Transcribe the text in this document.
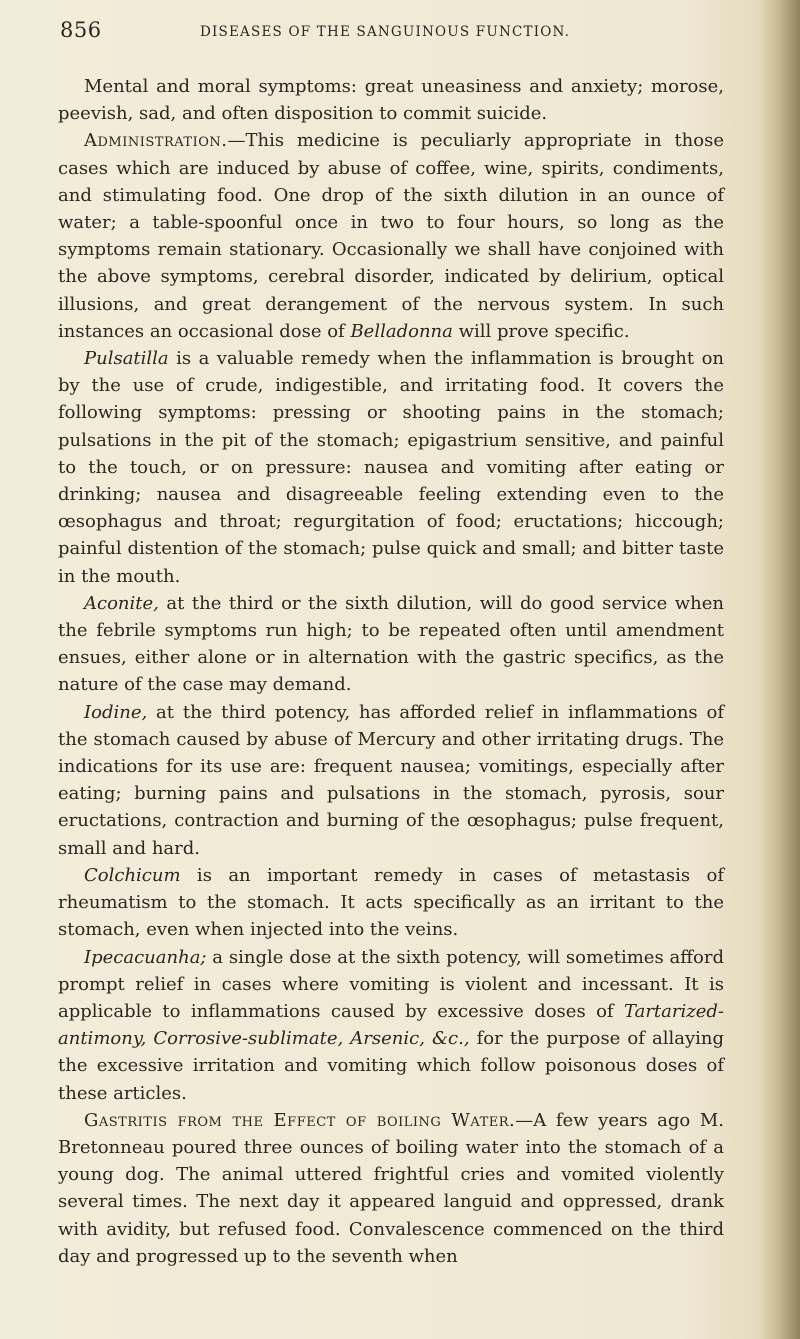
856	DISEASES OF THE SANGUINOUS FUNCTION.

Mental and moral symptoms: great uneasiness and anxiety; morose, peevish, sad, and often disposition to commit suicide.

Administration.—This medicine is peculiarly appropriate in those cases which are induced by abuse of coffee, wine, spirits, condiments, and stimulating food. One drop of the sixth dilution in an ounce of water; a table-spoonful once in two to four hours, so long as the symptoms remain stationary. Occasionally we shall have conjoined with the above symptoms, cerebral disorder, indicated by delirium, optical illusions, and great derangement of the nervous system. In such instances an occasional dose of Belladonna will prove specific.

Pulsatilla is a valuable remedy when the inflammation is brought on by the use of crude, indigestible, and irritating food. It covers the following symptoms: pressing or shooting pains in the stomach; pulsations in the pit of the stomach; epigastrium sensitive, and painful to the touch, or on pressure: nausea and vomiting after eating or drinking; nausea and disagreeable feeling extending even to the œsophagus and throat; regurgitation of food; eructations; hiccough; painful distention of the stomach; pulse quick and small; and bitter taste in the mouth.

Aconite, at the third or the sixth dilution, will do good service when the febrile symptoms run high; to be repeated often until amendment ensues, either alone or in alternation with the gastric specifics, as the nature of the case may demand.

Iodine, at the third potency, has afforded relief in inflammations of the stomach caused by abuse of Mercury and other irritating drugs. The indications for its use are: frequent nausea; vomitings, especially after eating; burning pains and pulsations in the stomach, pyrosis, sour eructations, contraction and burning of the œsophagus; pulse frequent, small and hard.

Colchicum is an important remedy in cases of metastasis of rheumatism to the stomach. It acts specifically as an irritant to the stomach, even when injected into the veins.

Ipecacuanha; a single dose at the sixth potency, will sometimes afford prompt relief in cases where vomiting is violent and incessant. It is applicable to inflammations caused by excessive doses of Tartarized-antimony, Corrosive-sublimate, Arsenic, &c., for the purpose of allaying the excessive irritation and vomiting which follow poisonous doses of these articles.

Gastritis from the Effect of boiling Water.—A few years ago M. Bretonneau poured three ounces of boiling water into the stomach of a young dog. The animal uttered frightful cries and vomited violently several times. The next day it appeared languid and oppressed, drank with avidity, but refused food. Convalescence commenced on the third day and progressed up to the seventh when
